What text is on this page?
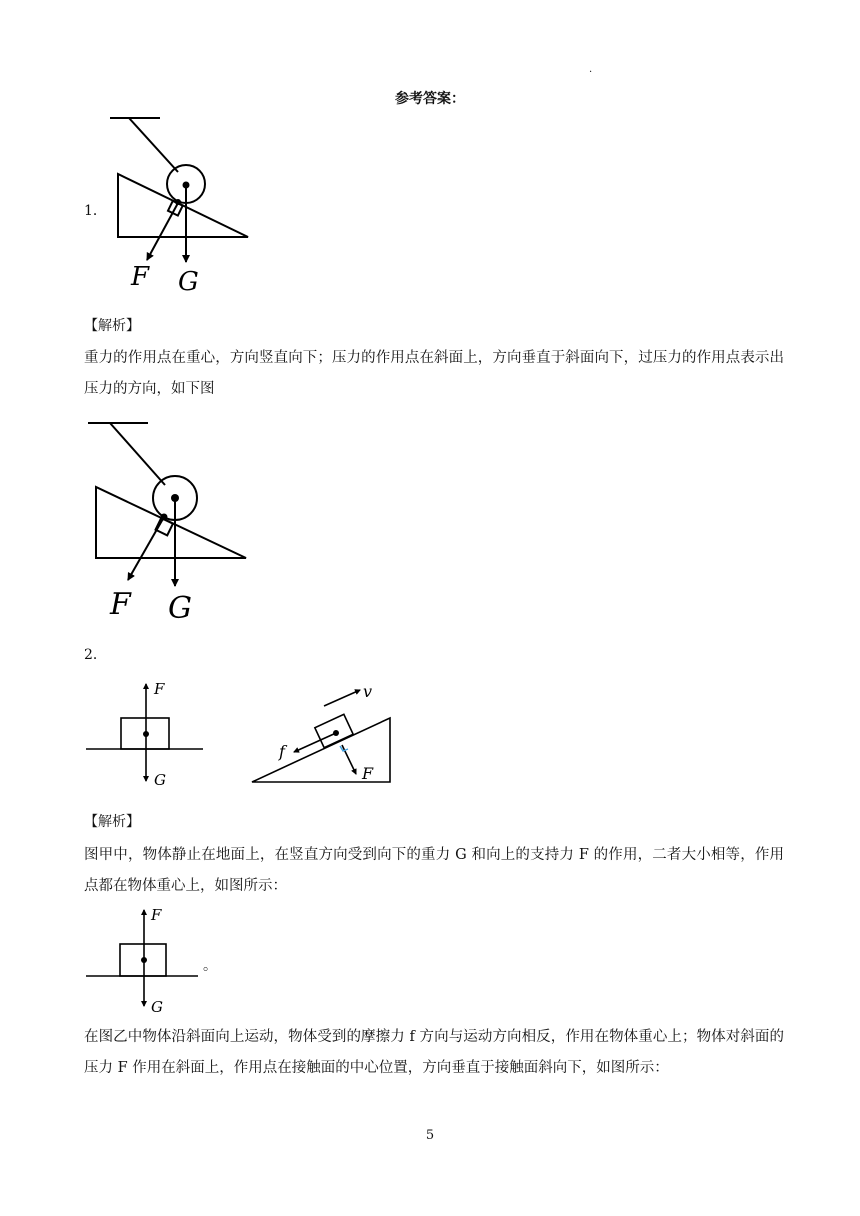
.
参考答案：
1．
F G
F G
F
G
v
f
F
F
G
【解析】
重力的作用点在重心，方向竖直向下；压力的作用点在斜面上，方向垂直于斜面向下，过压力的作用点表示出压力的方向，如下图
2．
【解析】
图甲中，物体静止在地面上，在竖直方向受到向下的重力 G 和向上的支持力 F 的作用，二者大小相等，作用点都在物体重心上，如图所示：
。
在图乙中物体沿斜面向上运动，物体受到的摩擦力 f 方向与运动方向相反，作用在物体重心上；物体对斜面的压力 F 作用在斜面上，作用点在接触面的中心位置，方向垂直于接触面斜向下，如图所示：
5
